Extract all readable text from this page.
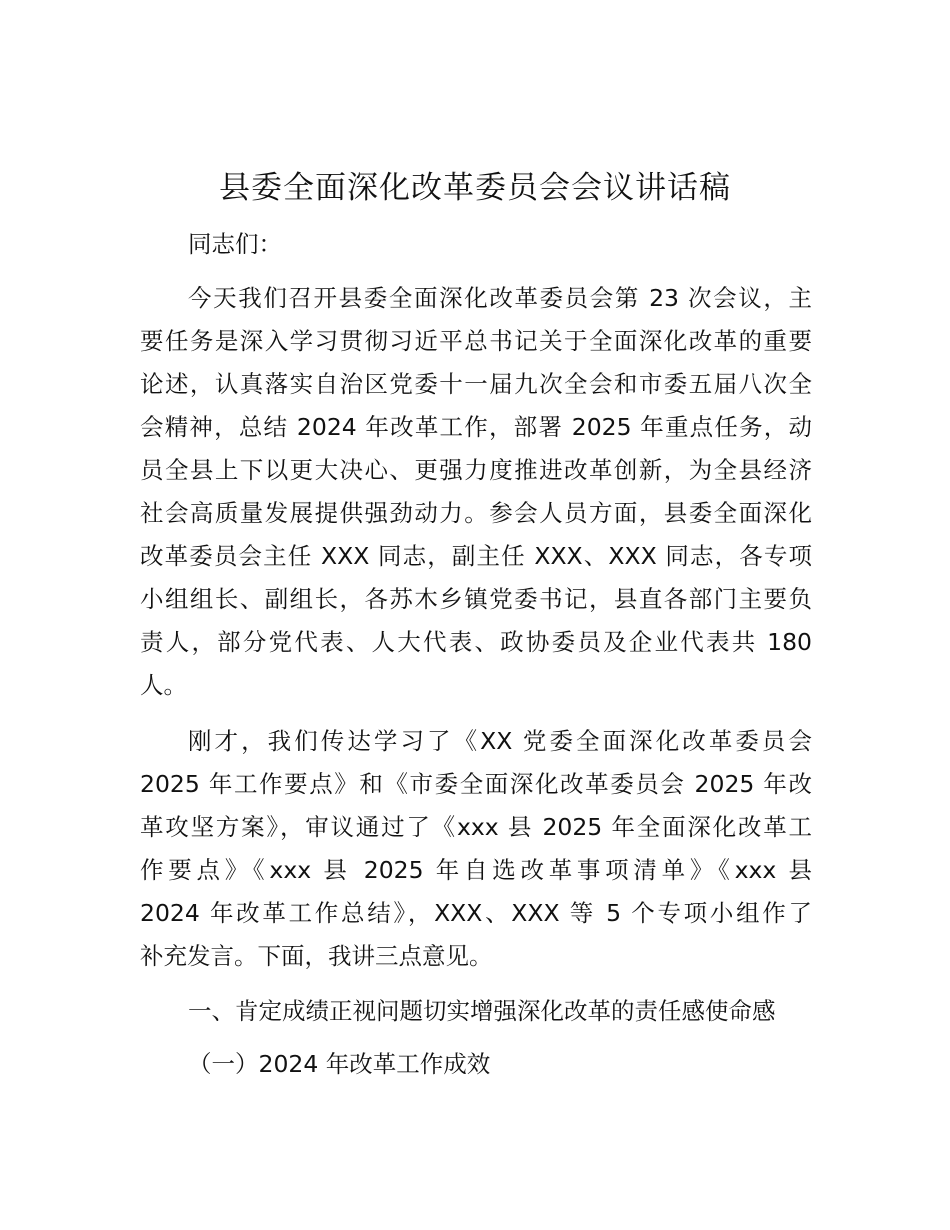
县委全面深化改革委员会会议讲话稿

同志们：

今天我们召开县委全面深化改革委员会第 23 次会议，主
要任务是深入学习贯彻习近平总书记关于全面深化改革的重要
论述，认真落实自治区党委十一届九次全会和市委五届八次全
会精神，总结 2024 年改革工作，部署 2025 年重点任务，动
员全县上下以更大决心、更强力度推进改革创新，为全县经济
社会高质量发展提供强劲动力。参会人员方面，县委全面深化
改革委员会主任 XXX 同志，副主任 XXX、XXX 同志，各专项
小组组长、副组长，各苏木乡镇党委书记，县直各部门主要负
责人，部分党代表、人大代表、政协委员及企业代表共 180
人。
刚才，我们传达学习了《XX 党委全面深化改革委员会
2025 年工作要点》和《市委全面深化改革委员会 2025 年改
革攻坚方案》，审议通过了《xxx 县 2025 年全面深化改革工
作要点》《xxx 县 2025 年自选改革事项清单》《xxx 县
2024 年改革工作总结》，XXX、XXX 等 5 个专项小组作了
补充发言。下面，我讲三点意见。

一、肯定成绩正视问题切实增强深化改革的责任感使命感

（一）2024 年改革工作成效
